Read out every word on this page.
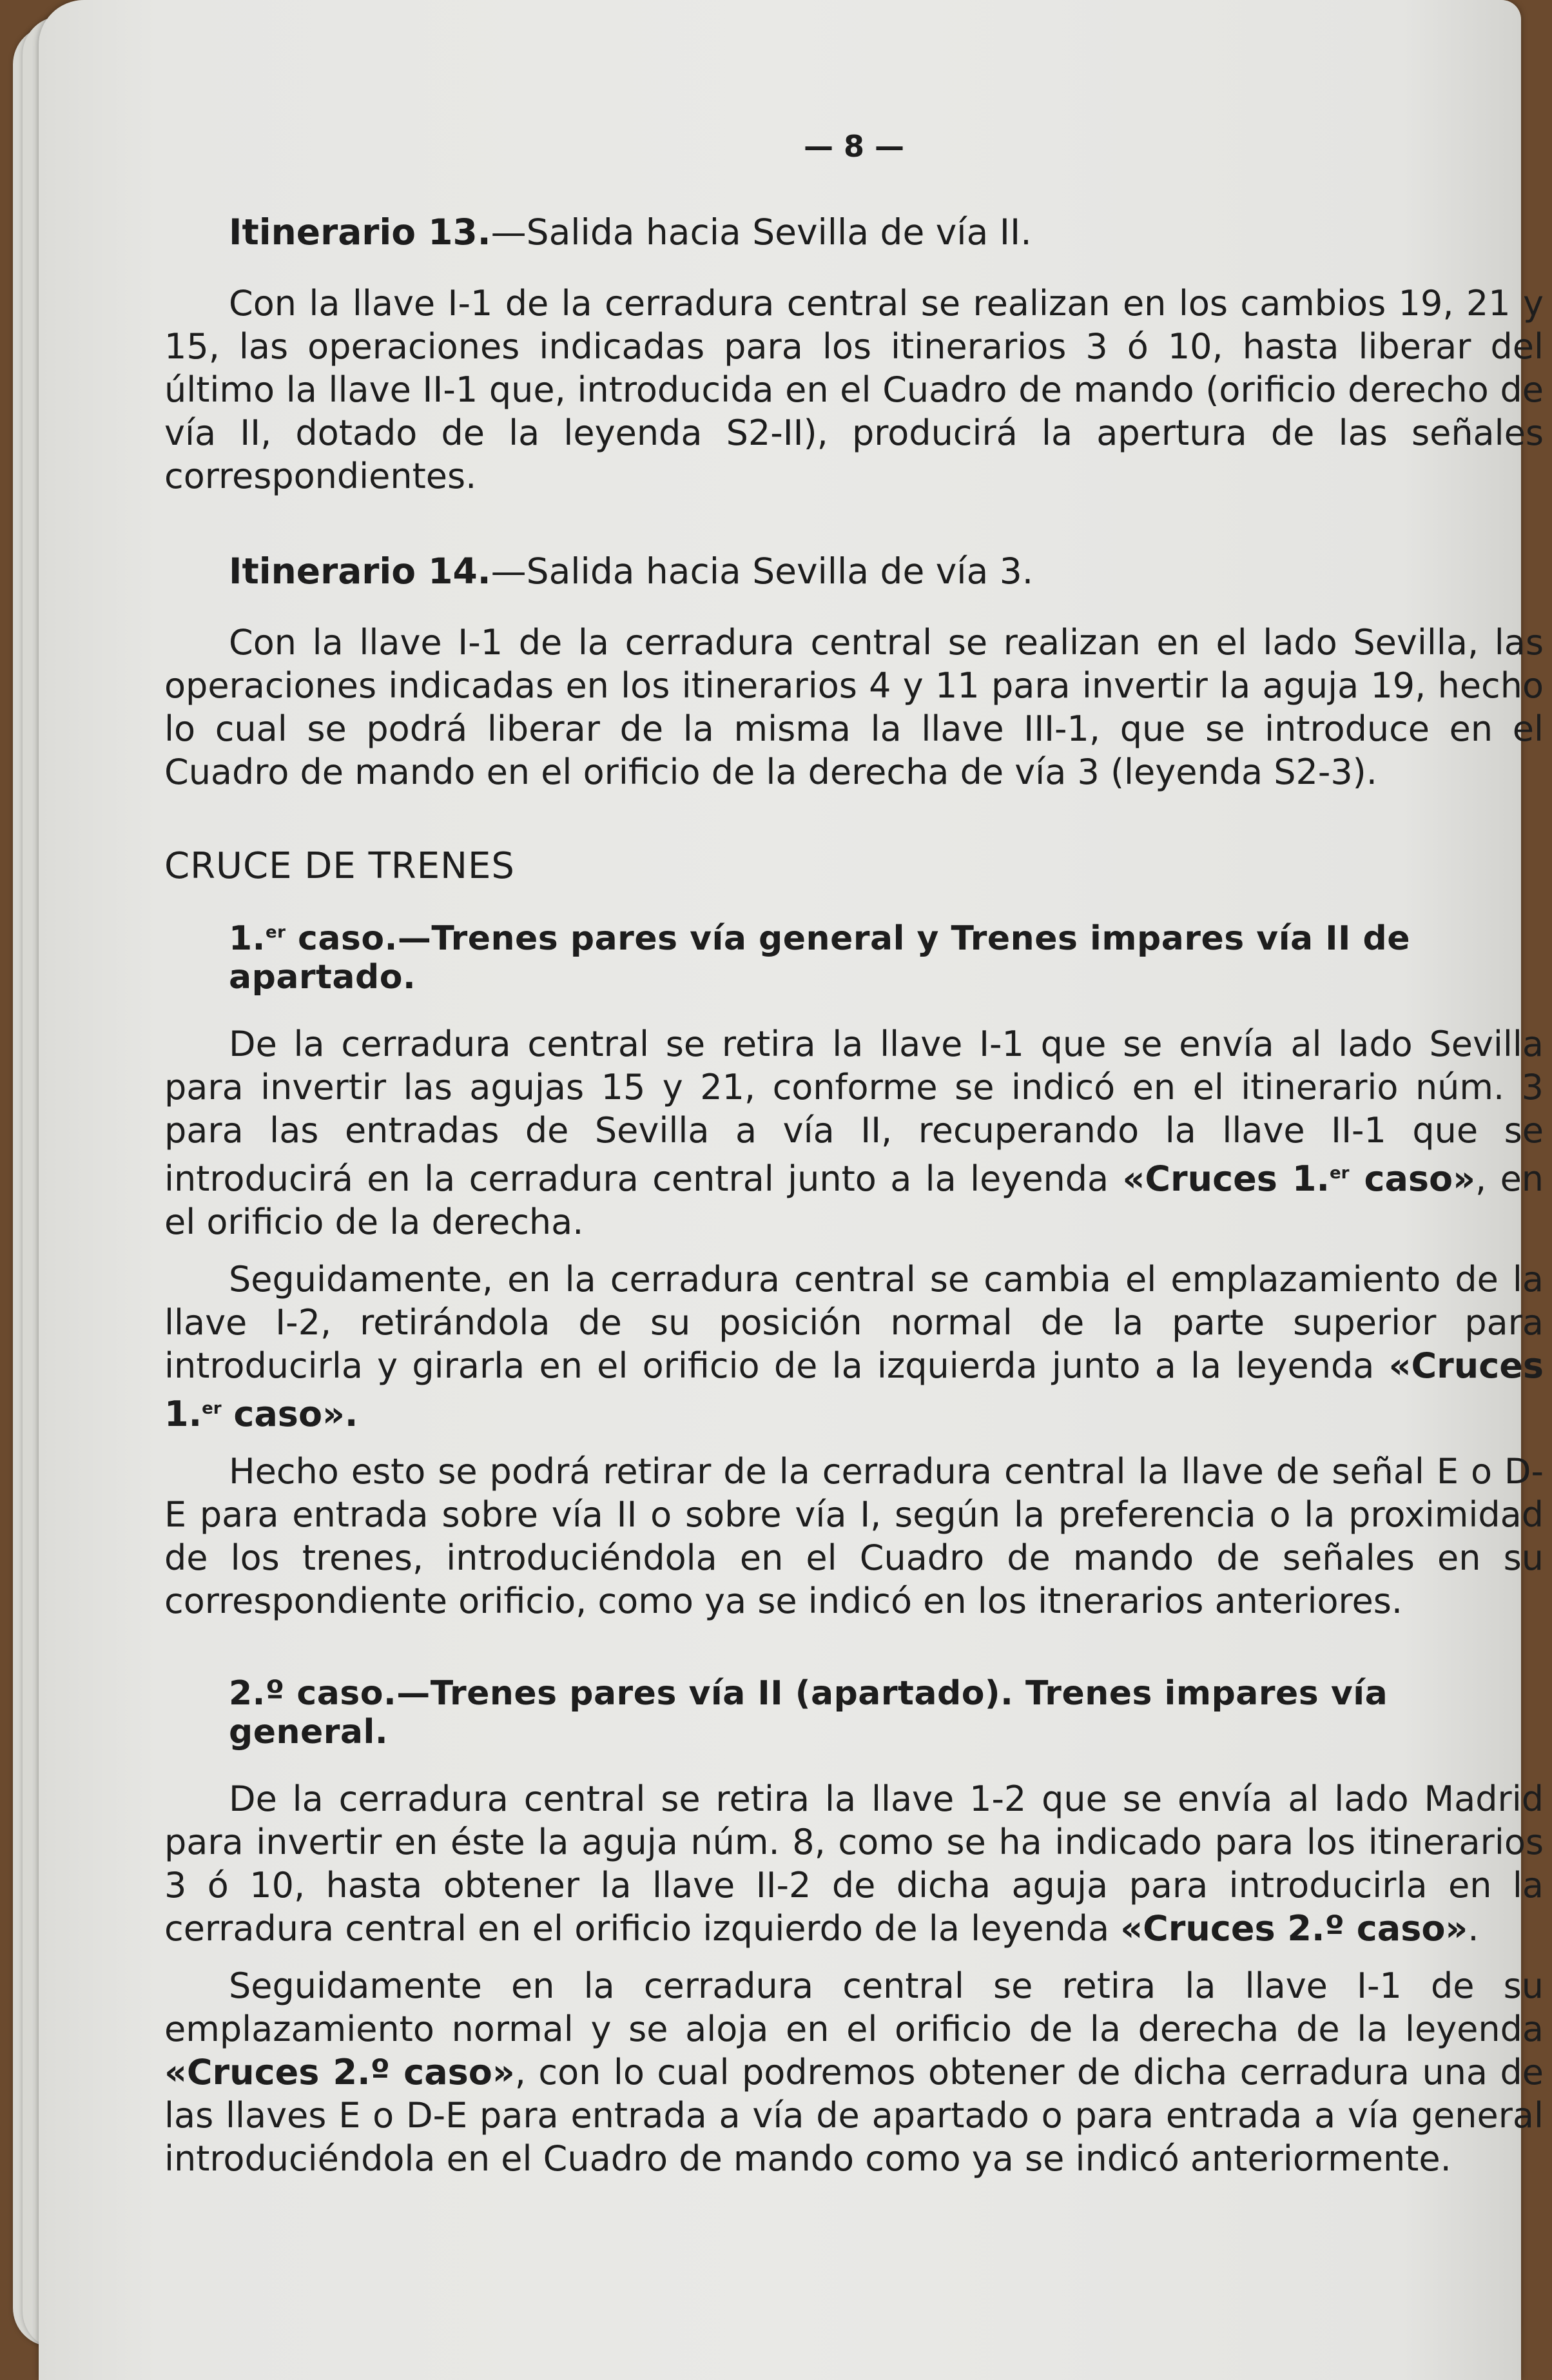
— 8 —
Itinerario 13.—Salida hacia Sevilla de vía II.

Con la llave I-1 de la cerradura central se realizan en los cambios 19, 21 y 15, las operaciones indicadas para los itinerarios 3 ó 10, hasta liberar del último la llave II-1 que, introducida en el Cuadro de mando (orificio derecho de vía II, dotado de la leyenda S2-II), producirá la apertura de las señales correspondientes.

Itinerario 14.—Salida hacia Sevilla de vía 3.

Con la llave I-1 de la cerradura central se realizan en el lado Sevilla, las operaciones indicadas en los itinerarios 4 y 11 para invertir la aguja 19, hecho lo cual se podrá liberar de la misma la llave III-1, que se introduce en el Cuadro de mando en el orificio de la derecha de vía 3 (leyenda S2-3).

CRUCE DE TRENES
1.$^{er}$ caso.—Trenes pares vía general y Trenes impares vía II de apartado.

De la cerradura central se retira la llave I-1 que se envía al lado Sevilla para invertir las agujas 15 y 21, conforme se indicó en el itinerario núm. 3 para las entradas de Sevilla a vía II, recuperando la llave II-1 que se introducirá en la cerradura central junto a la leyenda «Cruces 1.$^{er}$ caso», en el orificio de la derecha.

Seguidamente, en la cerradura central se cambia el emplazamiento de la llave I-2, retirándola de su posición normal de la parte superior para introducirla y girarla en el orificio de la izquierda junto a la leyenda «Cruces 1.$^{er}$ caso».

Hecho esto se podrá retirar de la cerradura central la llave de señal E o D-E para entrada sobre vía II o sobre vía I, según la preferencia o la proximidad de los trenes, introduciéndola en el Cuadro de mando de señales en su correspondiente orificio, como ya se indicó en los itnerarios anteriores.

2.º caso.—Trenes pares vía II (apartado). Trenes impares vía general.

De la cerradura central se retira la llave 1-2 que se envía al lado Madrid para invertir en éste la aguja núm. 8, como se ha indicado para los itinerarios 3 ó 10, hasta obtener la llave II-2 de dicha aguja para introducirla en la cerradura central en el orificio izquierdo de la leyenda «Cruces 2.º caso».

Seguidamente en la cerradura central se retira la llave I-1 de su emplazamiento normal y se aloja en el orificio de la derecha de la leyenda «Cruces 2.º caso», con lo cual podremos obtener de dicha cerradura una de las llaves E o D-E para entrada a vía de apartado o para entrada a vía general introduciéndola en el Cuadro de mando como ya se indicó anteriormente.
